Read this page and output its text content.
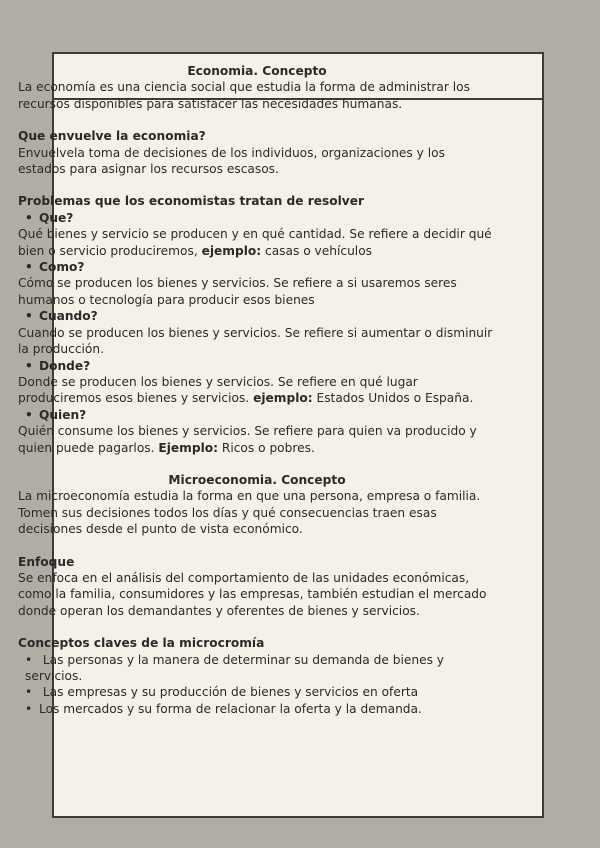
Economia. Concepto

La economía es una ciencia social que estudia la forma de administrar los recursos disponibles para satisfacer las necesidades humanas.

Que envuelve la economia?

Envuélvela toma de decisiones de los individuos, organizaciones y los estados para asignar los recursos escasos.

Problemas que los economistas tratan de resolver

• Que?

Qué bienes y servicio se producen y en qué cantidad. Se refiere a decidir qué bien o servicio produciremos, ejemplo: casas o vehículos

• Como?

Cómo se producen los bienes y servicios. Se refiere a si usaremos seres humanos o tecnología para producir esos bienes

• Cuando?

Cuando se producen los bienes y servicios. Se refiere si aumentar o disminuir la producción.

• Donde?

Donde se producen los bienes y servicios. Se refiere en qué lugar produciremos esos bienes y servicios. ejemplo: Estados Unidos o España.

• Quien?

Quién consume los bienes y servicios. Se refiere para quien va producido y quien puede pagarlos. Ejemplo: Ricos o pobres.

Microeconomia. Concepto

La microeconomía estudia la forma en que una persona, empresa o familia. Tomen sus decisiones todos los días y qué consecuencias traen esas decisiones desde el punto de vista económico.

Enfoque

Se enfoca en el análisis del comportamiento de las unidades económicas, como la familia, consumidores y las empresas, también estudian el mercado donde operan los demandantes y oferentes de bienes y servicios.

Conceptos claves de la microcromía

• Las personas y la manera de determinar su demanda de bienes y servicios.

• Las empresas y su producción de bienes y servicios en oferta

• Los mercados y su forma de relacionar la oferta y la demanda.
